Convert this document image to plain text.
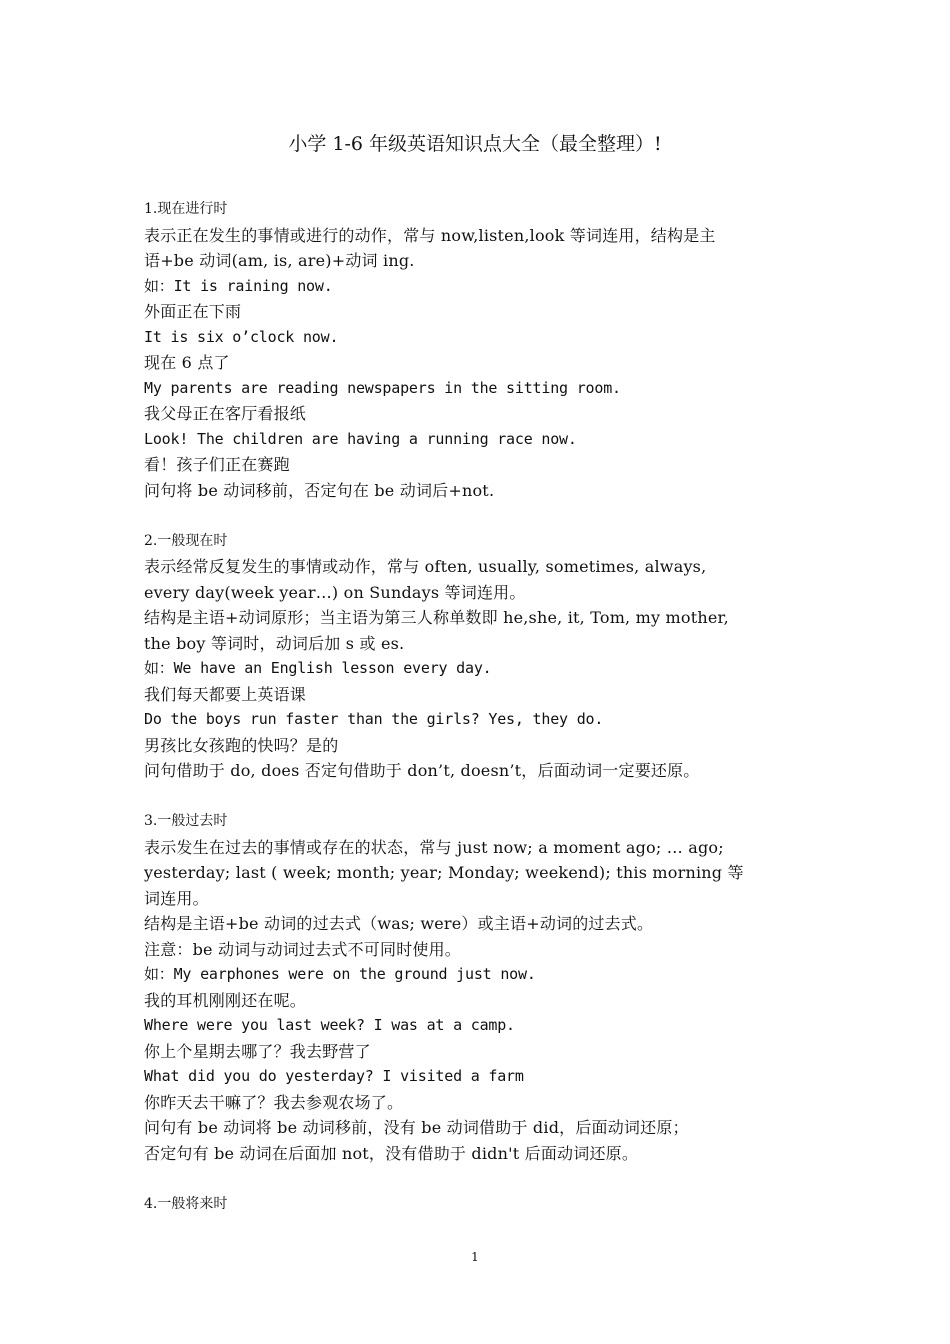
小学 1-6 年级英语知识点大全（最全整理）!

1.现在进行时

表示正在发生的事情或进行的动作，常与 now,listen,look 等词连用，结构是主

语+be 动词(am, is, are)+动词 ing.

如：It is raining now.

外面正在下雨

It is six o’clock now.

现在 6 点了

My parents are reading newspapers in the sitting room.

我父母正在客厅看报纸

Look! The children are having a running race now.

看！孩子们正在赛跑

问句将 be 动词移前，否定句在 be 动词后+not.

2.一般现在时

表示经常反复发生的事情或动作，常与 often, usually, sometimes, always,

every day(week year…) on Sundays 等词连用。

结构是主语+动词原形；当主语为第三人称单数即 he,she, it, Tom, my mother,

the boy 等词时，动词后加 s 或 es.

如：We have an English lesson every day.

我们每天都要上英语课

Do the boys run faster than the girls? Yes, they do.

男孩比女孩跑的快吗？是的

问句借助于 do, does 否定句借助于 don’t, doesn’t，后面动词一定要还原。

3.一般过去时

表示发生在过去的事情或存在的状态，常与 just now; a moment ago; … ago;

yesterday; last ( week; month; year; Monday; weekend); this morning 等

词连用。

结构是主语+be 动词的过去式（was; were）或主语+动词的过去式。

注意：be 动词与动词过去式不可同时使用。

如：My earphones were on the ground just now.

我的耳机刚刚还在呢。

Where were you last week? I was at a camp.

你上个星期去哪了？我去野营了

What did you do yesterday? I visited a farm

你昨天去干嘛了？我去参观农场了。

问句有 be 动词将 be 动词移前，没有 be 动词借助于 did，后面动词还原；

否定句有 be 动词在后面加 not，没有借助于 didn't 后面动词还原。

4.一般将来时

1
